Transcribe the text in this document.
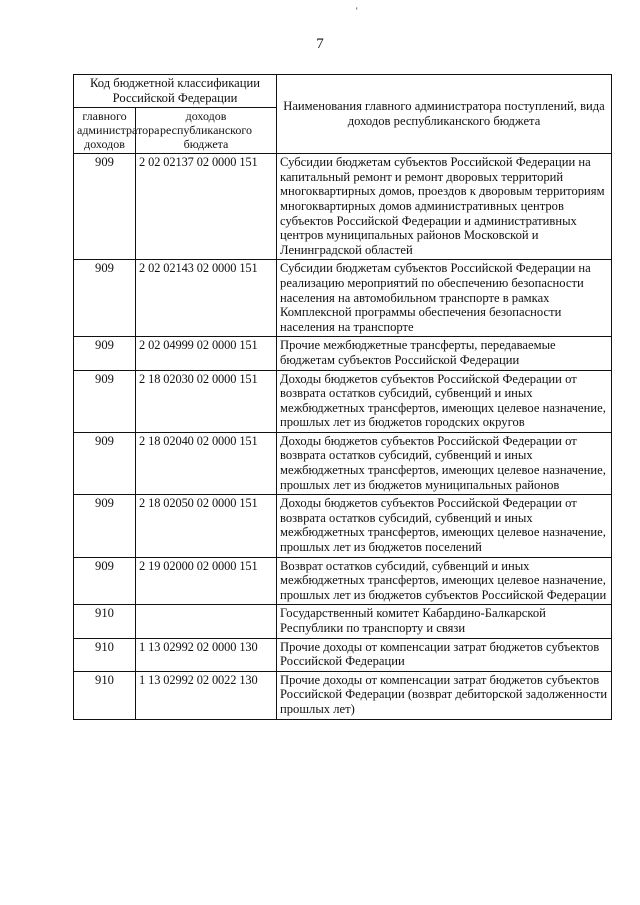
'
7
Код бюджетной классификации Российской Федерации		Наименования главного администратора поступлений, вида доходов республиканского бюджета
главного администратора доходов	доходов республиканского бюджета	
909	2 02 02137 02 0000 151	Субсидии бюджетам субъектов Российской Федерации на капитальный ремонт и ремонт дворовых территорий многоквартирных домов, проездов к дворовым территориям многоквартирных домов административных центров субъектов Российской Федерации и административных центров муниципальных районов Московской и Ленинградской областей
909	2 02 02143 02 0000 151	Субсидии бюджетам субъектов Российской Федерации на реализацию мероприятий по обеспечению безопасности населения на автомобильном транспорте в рамках Комплексной программы обеспечения безопасности населения на транспорте
909	2 02 04999 02 0000 151	Прочие межбюджетные трансферты, передаваемые бюджетам субъектов Российской Федерации
909	2 18 02030 02 0000 151	Доходы бюджетов субъектов Российской Федерации от возврата остатков субсидий, субвенций и иных межбюджетных трансфертов, имеющих целевое назначение, прошлых лет из бюджетов городских округов
909	2 18 02040 02 0000 151	Доходы бюджетов субъектов Российской Федерации от возврата остатков субсидий, субвенций и иных межбюджетных трансфертов, имеющих целевое назначение, прошлых лет из бюджетов муниципальных районов
909	2 18 02050 02 0000 151	Доходы бюджетов субъектов Российской Федерации от возврата остатков субсидий, субвенций и иных межбюджетных трансфертов, имеющих целевое назначение, прошлых лет из бюджетов поселений
909	2 19 02000 02 0000 151	Возврат остатков субсидий, субвенций и иных межбюджетных трансфертов, имеющих целевое назначение, прошлых лет из бюджетов субъектов Российской Федерации
910		Государственный комитет Кабардино-Балкарской Республики по транспорту и связи
910	1 13 02992 02 0000 130	Прочие доходы от компенсации затрат бюджетов субъектов Российской Федерации
910	1 13 02992 02 0022 130	Прочие доходы от компенсации затрат бюджетов субъектов Российской Федерации (возврат дебиторской задолженности прошлых лет)
